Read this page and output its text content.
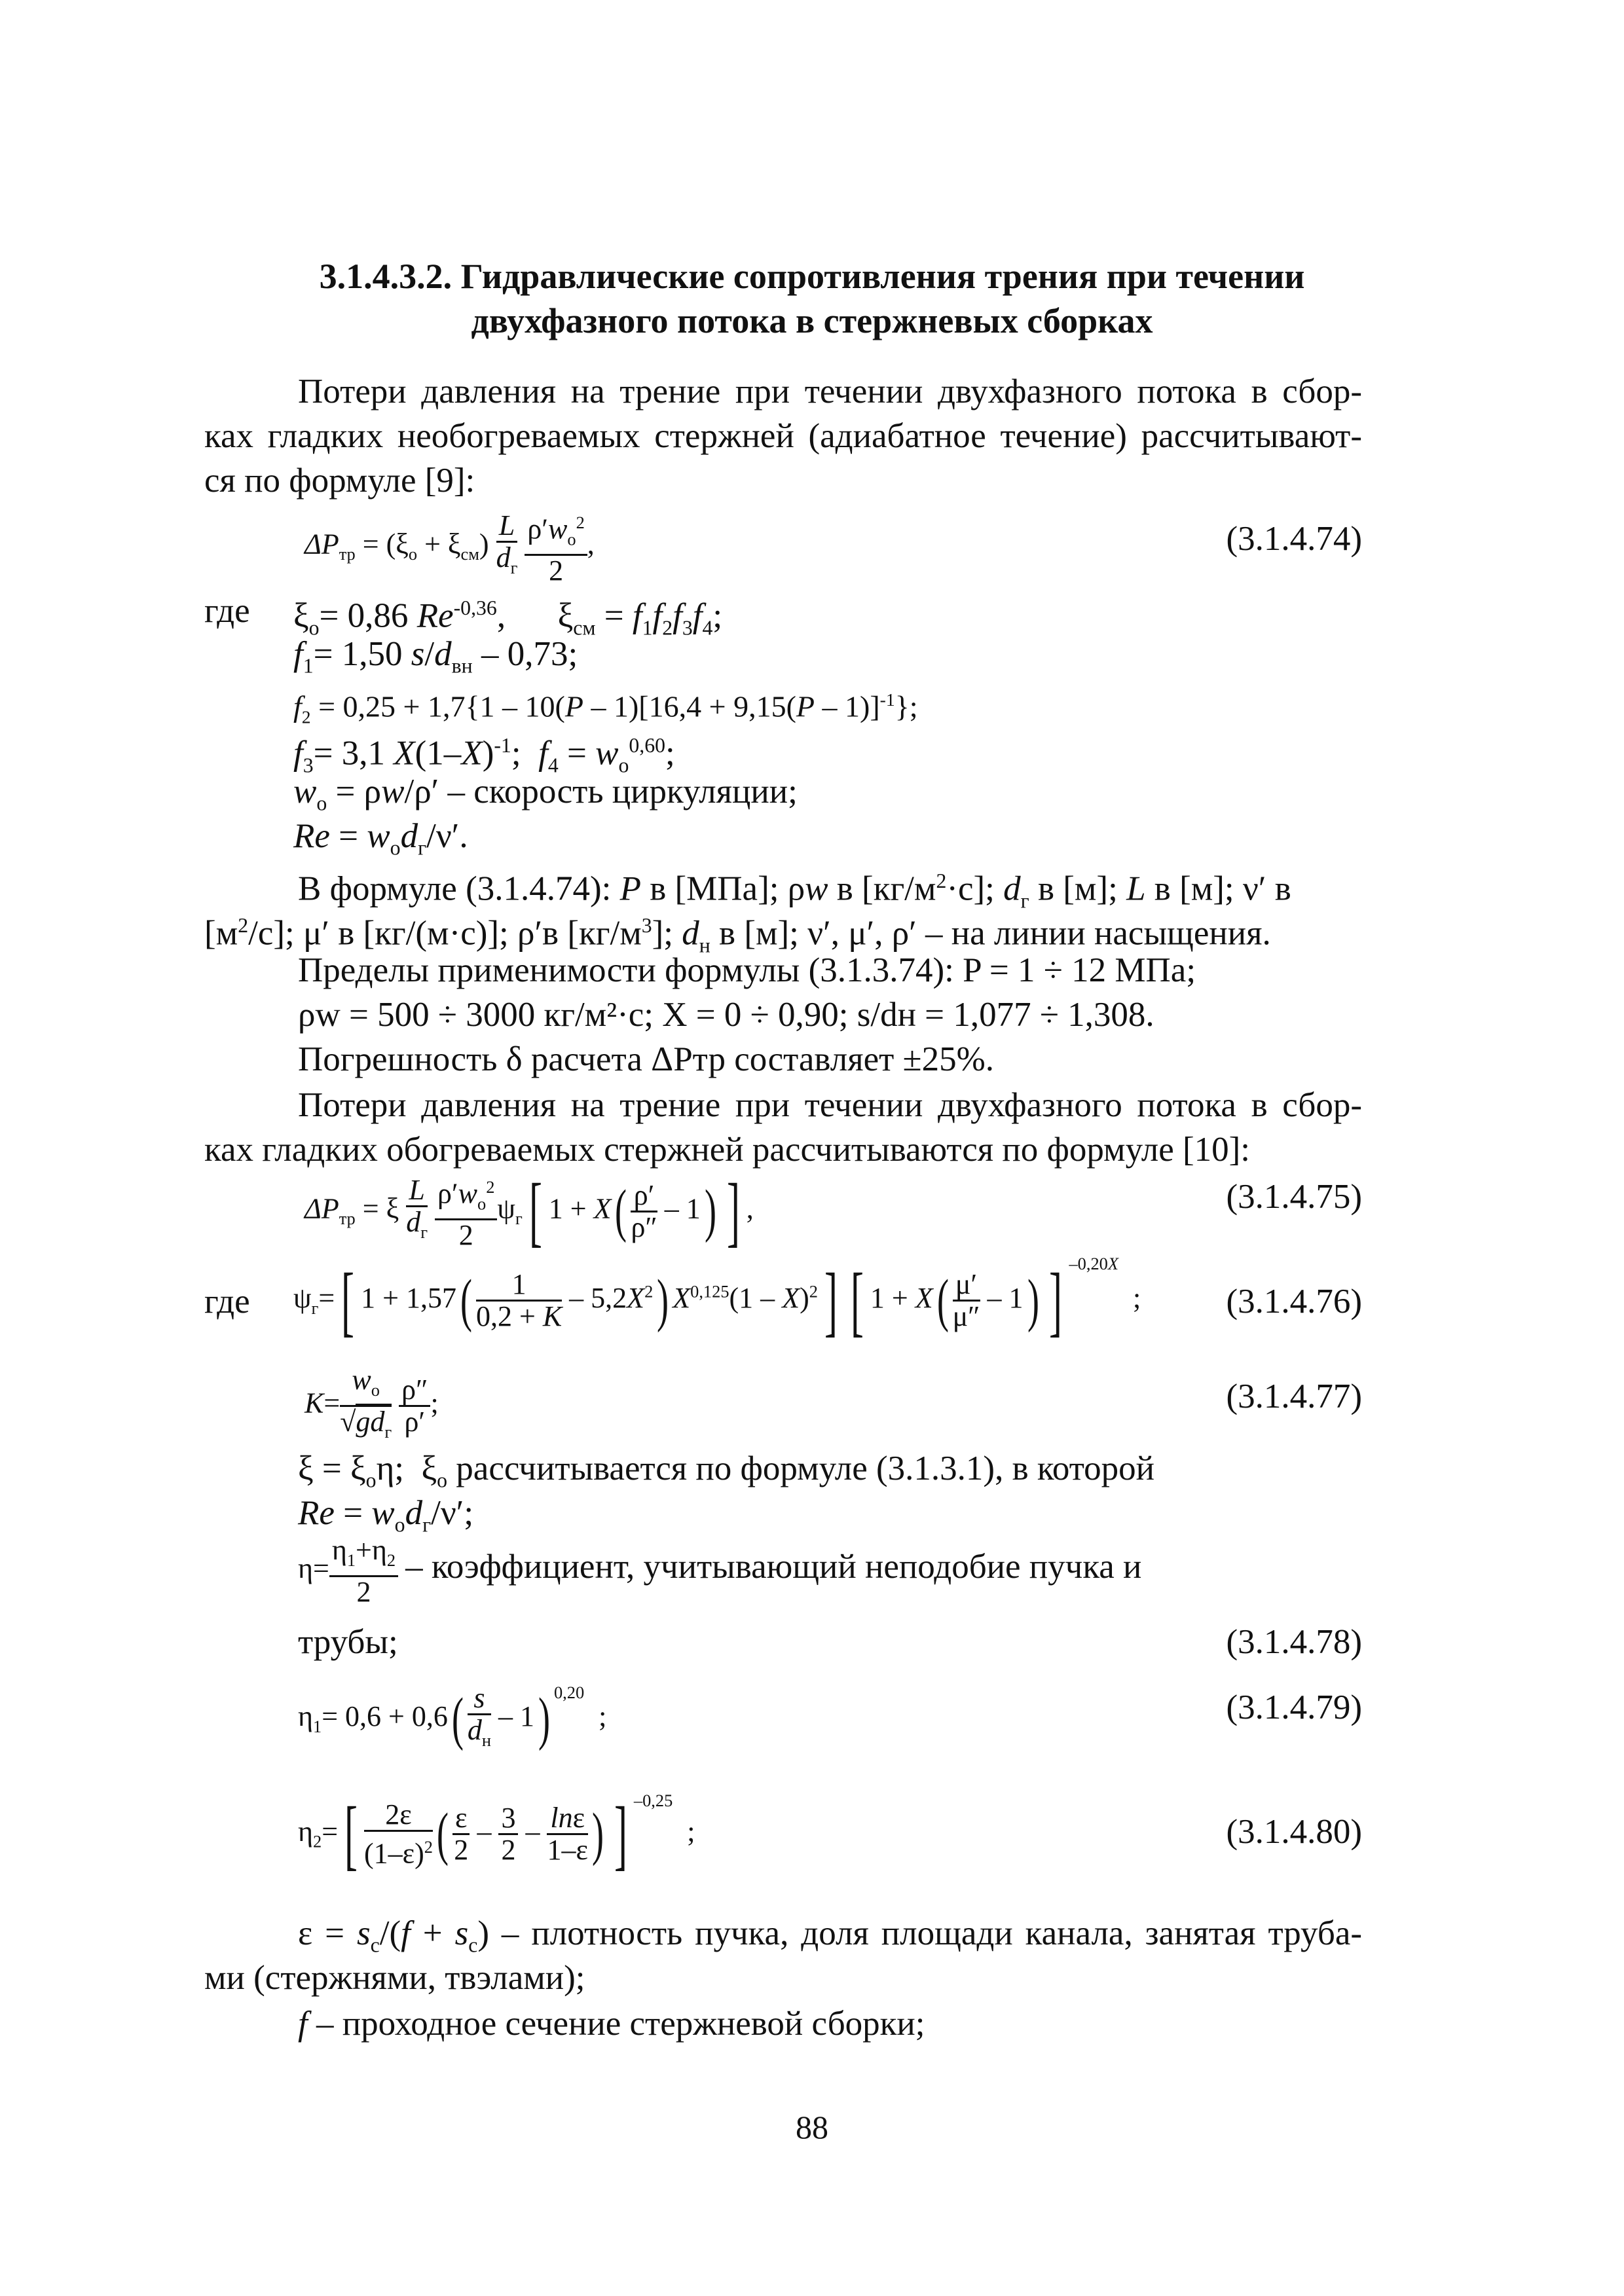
3.1.4.3.2. Гидравлические сопротивления трения при течении
двухфазного потока в стержневых сборках
Потери давления на трение при течении двухфазного потока в сбор-
ках гладких необогреваемых стержней (адиабатное течение) рассчитывают-
ся по формуле [9]:
$\Delta P_{тр} = (\xi_о + \xi_{см}) \frac{L}{d_г}$
$\frac{\rho'w_о^2}{2}$ ,	(3.1.4.74)
где $\xi_о= 0,86$ $Re^{-0,36}$,      $\xi_{см} = f_1f_2f_3f_4$;
$f_1= 1,50$ $s/d_{вн} - 0,73$;
$f_2 = 0,25 + 1,7\{1 - 10(P - 1)[16,4 + 9,15(P - 1)]^{-1}\}$;
$f_3= 3,1$ $X(1-X)^{-1}$;  $f_4 = w_о^{0,60}$;
$w_о = \rho w/\rho'$ – скорость циркуляции;
$Re = w_оd_г/\nu'$.
В формуле (3.1.4.74): P в [МПа]; ρw в $[кг/м^2\cdot с]$; $d_г$ в [м]; L в [м]; ν′ в
$[м^2/с]$; μ′ в [кг/(м·с)]; ρ′в $[кг/м^3]$; $d_н$ в [м]; ν′, μ′, ρ′ – на линии насыщения.
Пределы применимости формулы (3.1.3.74): P = 1 ÷ 12 МПа;
ρw = 500 ÷ 3000 кг/м²·с; X = 0 ÷ 0,90; s/dн = 1,077 ÷ 1,308.
Погрешность δ расчета ΔPтр составляет ±25%.
Потери давления на трение при течении двухфазного потока в сбор-
ках гладких обогреваемых стержней рассчитываются по формуле [10]:
$\Delta P_{тр} = \xi \frac{L}{d_г}$
$\frac{\rho'w_о^2}{2} \psi_г$[ $1 + X( \frac{\rho'}{\rho''} - 1)$ ] ,	(3.1.4.75)
где $\psi_г=$[ $1 + 1,57( \frac{1}{0,2 + K} - 5,2X^2)$ X$^{0,125}$(1 – X)$^2$] [ $1 + X( \frac{\mu'}{\mu''} - 1)$ ] $^{-0,20X}$  ; (3.1.4.76)
$K= \frac{w_о}{√gd_г}$
$\frac{\rho''}{\rho'}$ ;	(3.1.4.77)
$\xi = \xi_о\eta$;  $\xi_о$ рассчитывается по формуле (3.1.3.1), в которой
$Re = w_оd_г/\nu'$;
$\eta= \frac{\eta_1+\eta_2}{2}$ – коэффициент, учитывающий неподобие пучка и
трубы;	(3.1.4.78)
$\eta_1= 0,6 + 0,6( \frac{s}{d_н} - 1)$ $^{0,20}$  ;	(3.1.4.79)
$\eta_2=[ \frac{2\varepsilon}{(1-\varepsilon)^2}$ ( $\frac{\varepsilon}{2} - \frac{3}{2} - \frac{\ln\varepsilon}{1-\varepsilon}$ ) ] $^{-0,25}$  ;	(3.1.4.80)
$\varepsilon = s_c/(f + s_c)$ – плотность пучка, доля площади канала, занятая труба-
ми (стержнями, твэлами);
f – проходное сечение стержневой сборки;
88
